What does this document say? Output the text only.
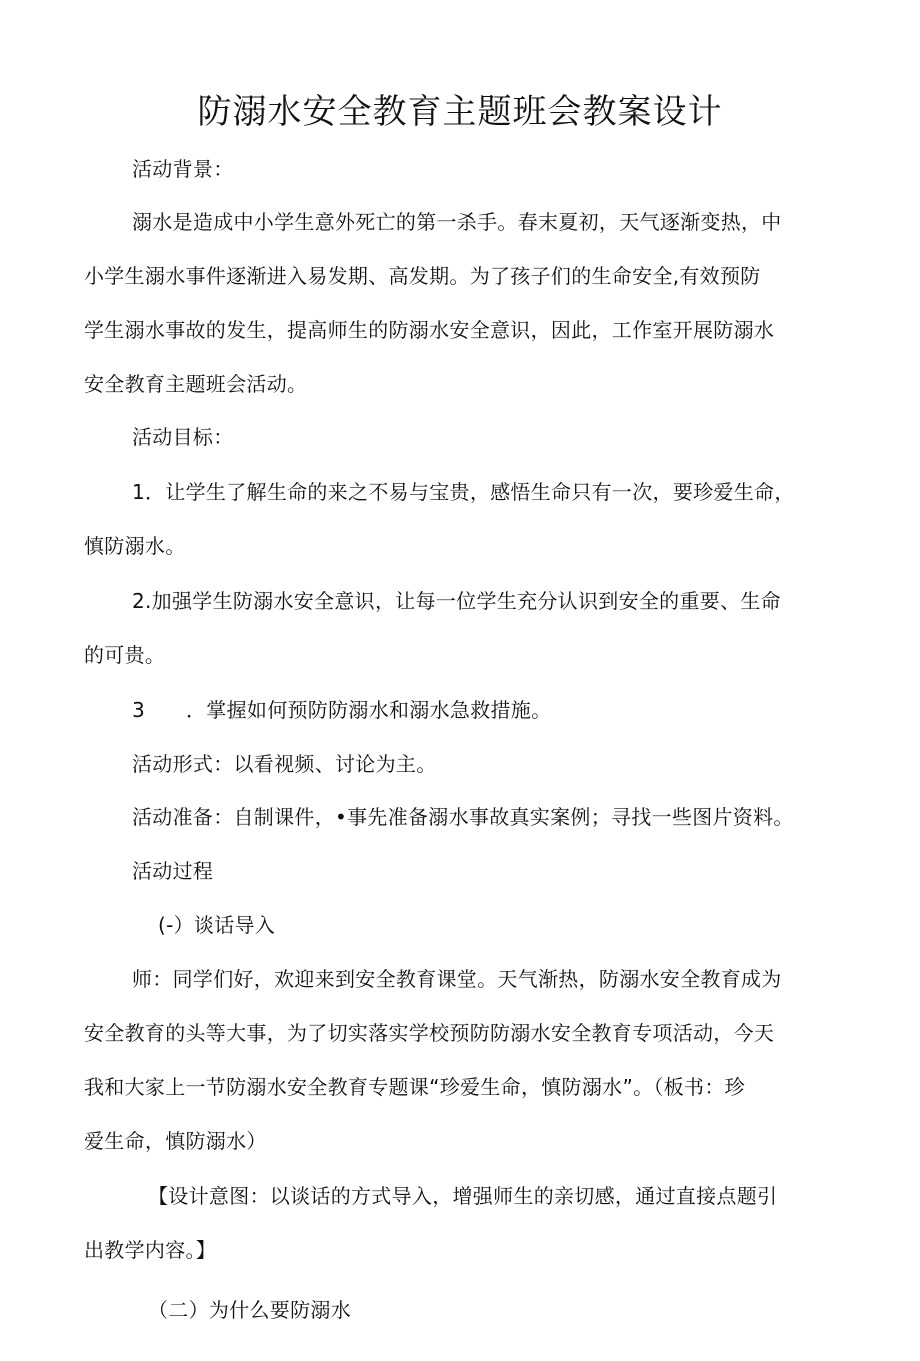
防溺水安全教育主题班会教案设计
活动背景：
溺水是造成中小学生意外死亡的第一杀手。春末夏初，天气逐渐变热，中
小学生溺水事件逐渐进入易发期、高发期。为了孩子们的生命安全,有效预防
学生溺水事故的发生，提高师生的防溺水安全意识，因此，工作室开展防溺水
安全教育主题班会活动。
活动目标：
1．让学生了解生命的来之不易与宝贵，感悟生命只有一次，要珍爱生命，
慎防溺水。
2.加强学生防溺水安全意识，让每一位学生充分认识到安全的重要、生命
的可贵。
3 ．掌握如何预防防溺水和溺水急救措施。
活动形式：以看视频、讨论为主。
活动准备：自制课件，•事先准备溺水事故真实案例；寻找一些图片资料。
活动过程
(-）谈话导入
师：同学们好，欢迎来到安全教育课堂。天气渐热，防溺水安全教育成为
安全教育的头等大事，为了切实落实学校预防防溺水安全教育专项活动，今天
我和大家上一节防溺水安全教育专题课“珍爱生命，慎防溺水”。（板书：珍
爱生命，慎防溺水）
【设计意图：以谈话的方式导入，增强师生的亲切感，通过直接点题引
出教学内容。】
（二）为什么要防溺水
